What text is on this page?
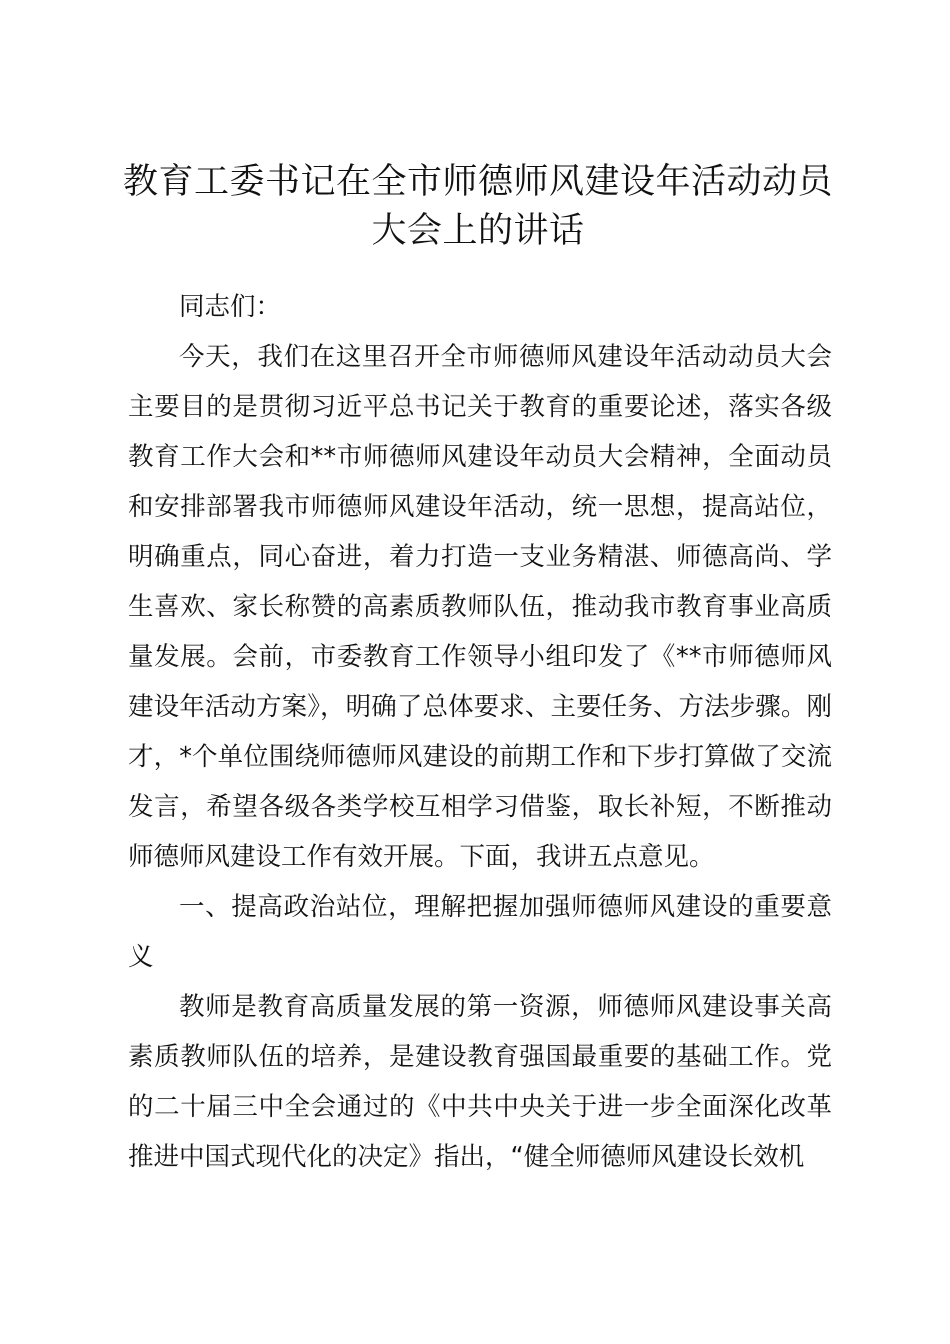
教育工委书记在全市师德师风建设年活动动员大会上的讲话

同志们：

今天，我们在这里召开全市师德师风建设年活动动员大会主要目的是贯彻习近平总书记关于教育的重要论述，落实各级教育工作大会和**市师德师风建设年动员大会精神，全面动员和安排部署我市师德师风建设年活动，统一思想，提高站位，明确重点，同心奋进，着力打造一支业务精湛、师德高尚、学生喜欢、家长称赞的高素质教师队伍，推动我市教育事业高质量发展。会前，市委教育工作领导小组印发了《**市师德师风建设年活动方案》，明确了总体要求、主要任务、方法步骤。刚才，*个单位围绕师德师风建设的前期工作和下步打算做了交流发言，希望各级各类学校互相学习借鉴，取长补短，不断推动师德师风建设工作有效开展。下面，我讲五点意见。

一、提高政治站位，理解把握加强师德师风建设的重要意义

教师是教育高质量发展的第一资源，师德师风建设事关高素质教师队伍的培养，是建设教育强国最重要的基础工作。党的二十届三中全会通过的《中共中央关于进一步全面深化改革推进中国式现代化的决定》指出，“健全师德师风建设长效机
